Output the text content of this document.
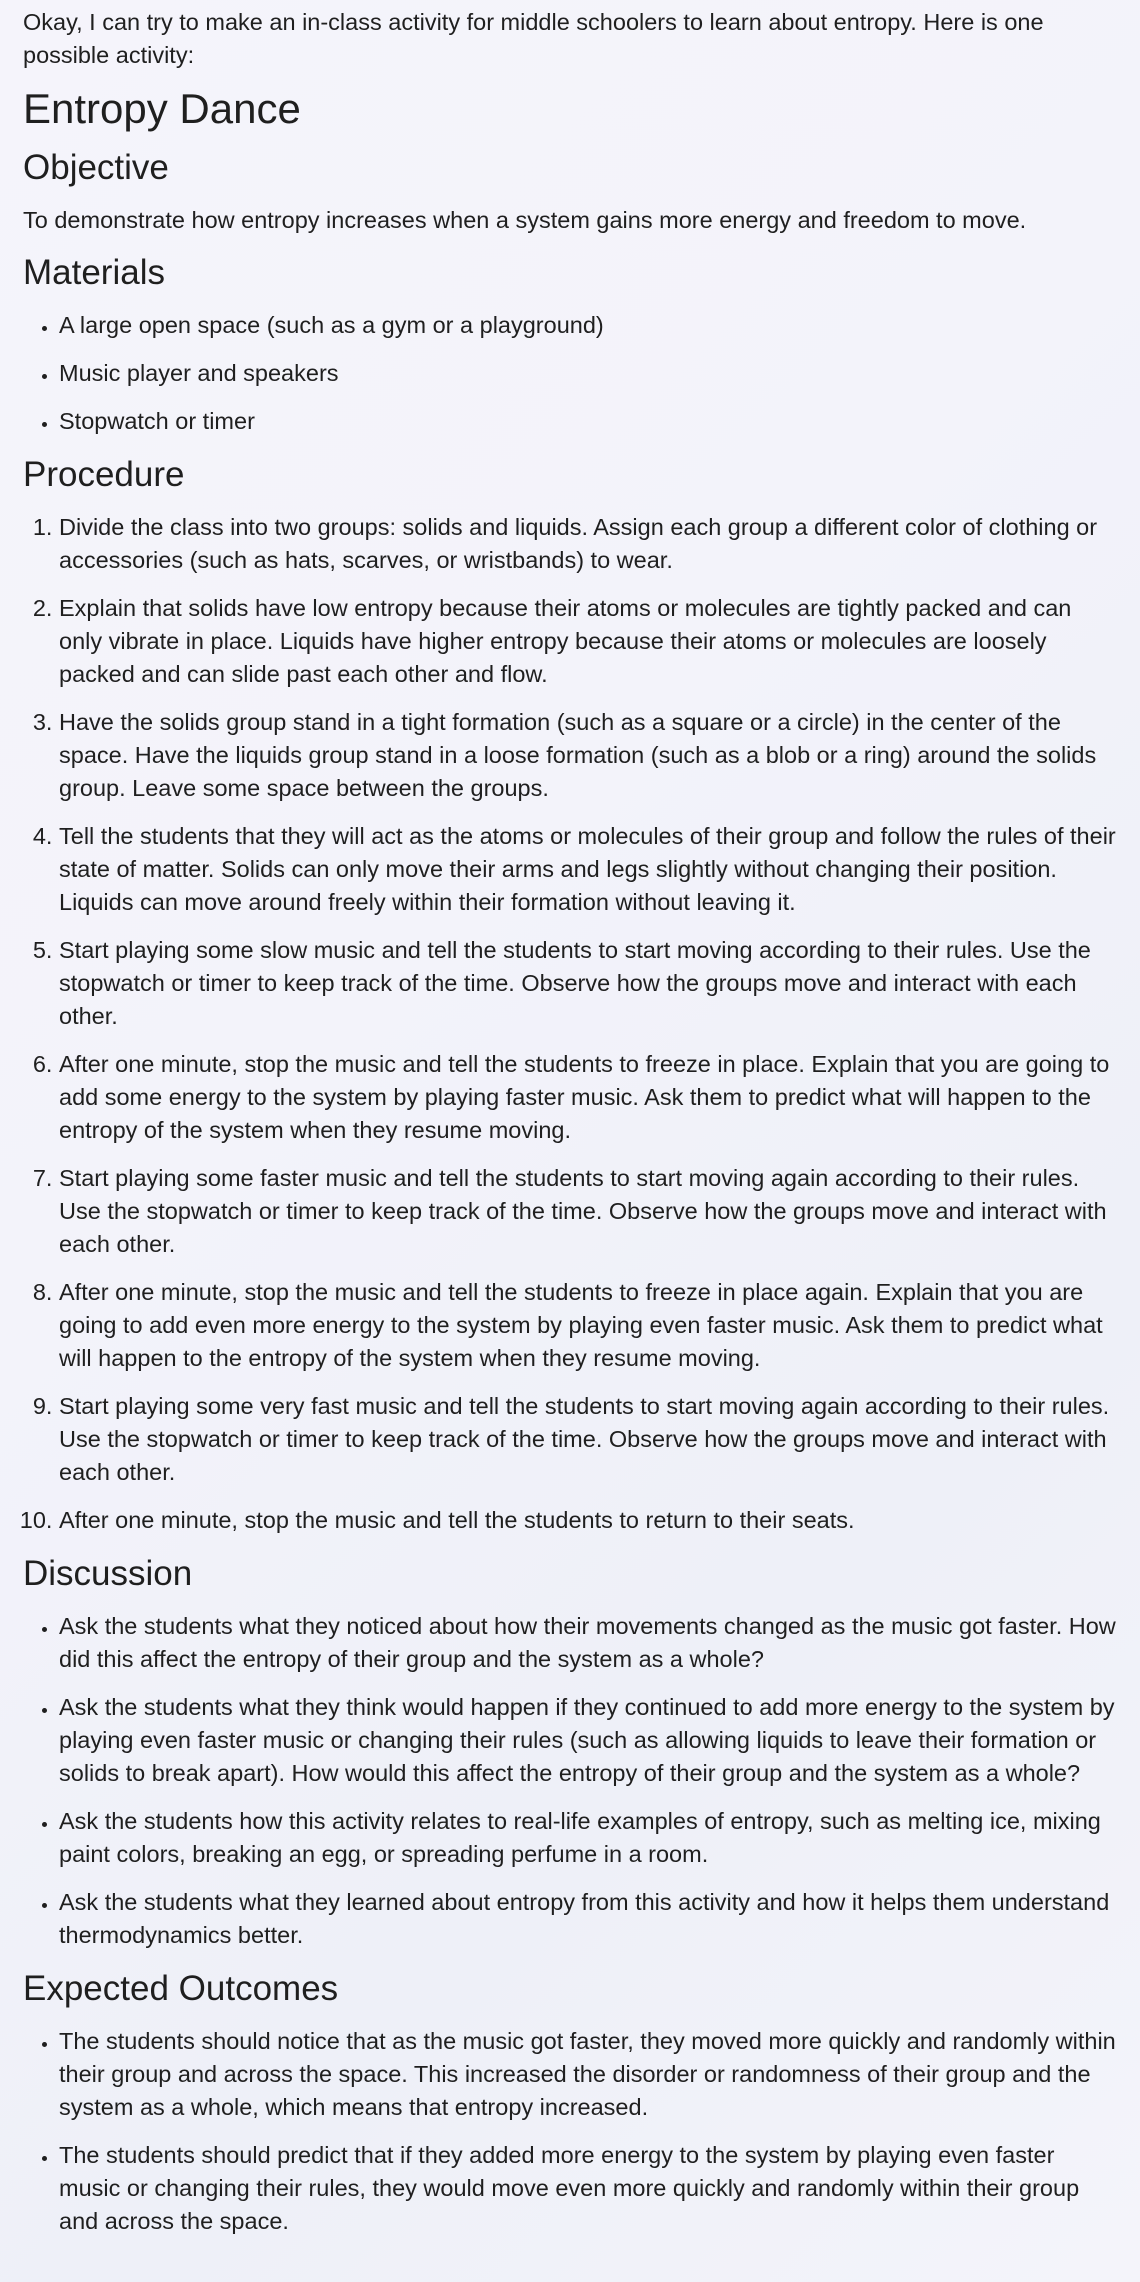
Okay, I can try to make an in-class activity for middle schoolers to learn about entropy. Here is one possible activity:

Entropy Dance
Objective

To demonstrate how entropy increases when a system gains more energy and freedom to move.

Materials
• A large open space (such as a gym or a playground)
• Music player and speakers
• Stopwatch or timer
Procedure
1. Divide the class into two groups: solids and liquids. Assign each group a different color of clothing or accessories (such as hats, scarves, or wristbands) to wear.
2. Explain that solids have low entropy because their atoms or molecules are tightly packed and can only vibrate in place. Liquids have higher entropy because their atoms or molecules are loosely packed and can slide past each other and flow.
3. Have the solids group stand in a tight formation (such as a square or a circle) in the center of the space. Have the liquids group stand in a loose formation (such as a blob or a ring) around the solids group. Leave some space between the groups.
4. Tell the students that they will act as the atoms or molecules of their group and follow the rules of their state of matter. Solids can only move their arms and legs slightly without changing their position. Liquids can move around freely within their formation without leaving it.
5. Start playing some slow music and tell the students to start moving according to their rules. Use the stopwatch or timer to keep track of the time. Observe how the groups move and interact with each other.
6. After one minute, stop the music and tell the students to freeze in place. Explain that you are going to add some energy to the system by playing faster music. Ask them to predict what will happen to the entropy of the system when they resume moving.
7. Start playing some faster music and tell the students to start moving again according to their rules. Use the stopwatch or timer to keep track of the time. Observe how the groups move and interact with each other.
8. After one minute, stop the music and tell the students to freeze in place again. Explain that you are going to add even more energy to the system by playing even faster music. Ask them to predict what will happen to the entropy of the system when they resume moving.
9. Start playing some very fast music and tell the students to start moving again according to their rules. Use the stopwatch or timer to keep track of the time. Observe how the groups move and interact with each other.
10. After one minute, stop the music and tell the students to return to their seats.
Discussion
• Ask the students what they noticed about how their movements changed as the music got faster. How did this affect the entropy of their group and the system as a whole?
• Ask the students what they think would happen if they continued to add more energy to the system by playing even faster music or changing their rules (such as allowing liquids to leave their formation or solids to break apart). How would this affect the entropy of their group and the system as a whole?
• Ask the students how this activity relates to real-life examples of entropy, such as melting ice, mixing paint colors, breaking an egg, or spreading perfume in a room.
• Ask the students what they learned about entropy from this activity and how it helps them understand thermodynamics better.
Expected Outcomes
• The students should notice that as the music got faster, they moved more quickly and randomly within their group and across the space. This increased the disorder or randomness of their group and the system as a whole, which means that entropy increased.
• The students should predict that if they added more energy to the system by playing even faster music or changing their rules, they would move even more quickly and randomly within their group and across the space.
